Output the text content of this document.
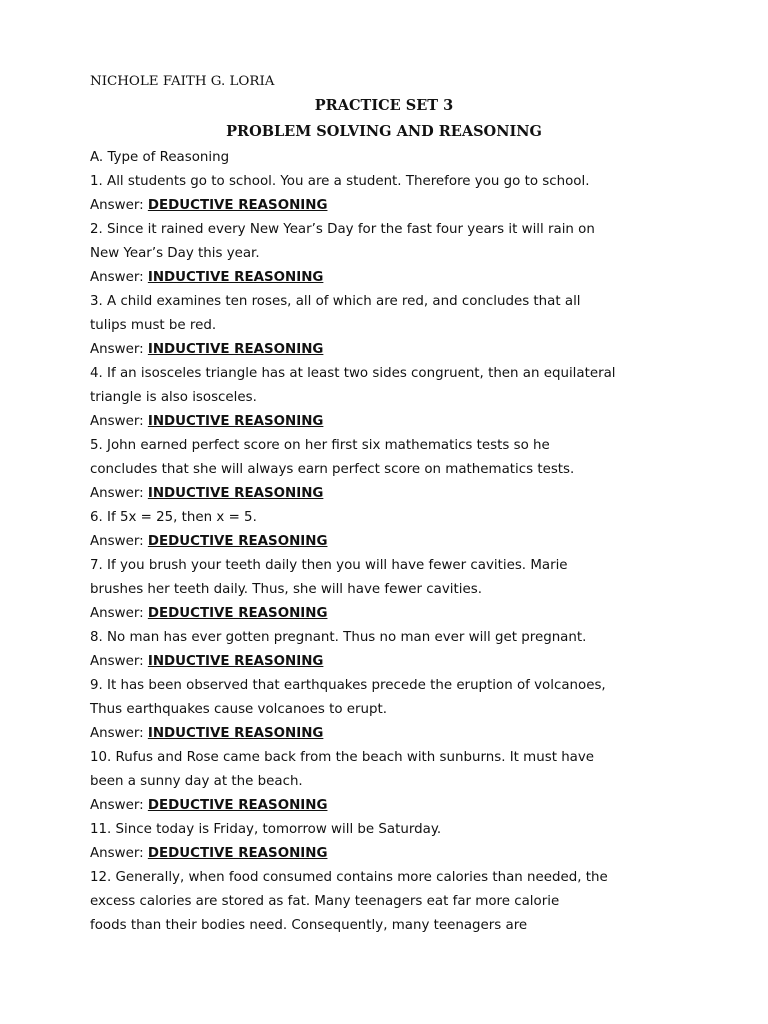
NICHOLE FAITH G. LORIA
PRACTICE SET 3
PROBLEM SOLVING AND REASONING
A. Type of Reasoning
1. All students go to school. You are a student. Therefore you go to school.
Answer: DEDUCTIVE REASONING
2. Since it rained every New Year’s Day for the fast four years it will rain on
New Year’s Day this year.
Answer: INDUCTIVE REASONING
3. A child examines ten roses, all of which are red, and concludes that all
tulips must be red.
Answer: INDUCTIVE REASONING
4. If an isosceles triangle has at least two sides congruent, then an equilateral
triangle is also isosceles.
Answer: INDUCTIVE REASONING
5. John earned perfect score on her first six mathematics tests so he
concludes that she will always earn perfect score on mathematics tests.
Answer: INDUCTIVE REASONING
6. If 5x = 25, then x = 5.
Answer: DEDUCTIVE REASONING
7. If you brush your teeth daily then you will have fewer cavities. Marie
brushes her teeth daily. Thus, she will have fewer cavities.
Answer: DEDUCTIVE REASONING
8. No man has ever gotten pregnant. Thus no man ever will get pregnant.
Answer: INDUCTIVE REASONING
9. It has been observed that earthquakes precede the eruption of volcanoes,
Thus earthquakes cause volcanoes to erupt.
Answer: INDUCTIVE REASONING
10. Rufus and Rose came back from the beach with sunburns. It must have
been a sunny day at the beach.
Answer: DEDUCTIVE REASONING
11. Since today is Friday, tomorrow will be Saturday.
Answer: DEDUCTIVE REASONING
12. Generally, when food consumed contains more calories than needed, the
excess calories are stored as fat. Many teenagers eat far more calorie
foods than their bodies need. Consequently, many teenagers are
